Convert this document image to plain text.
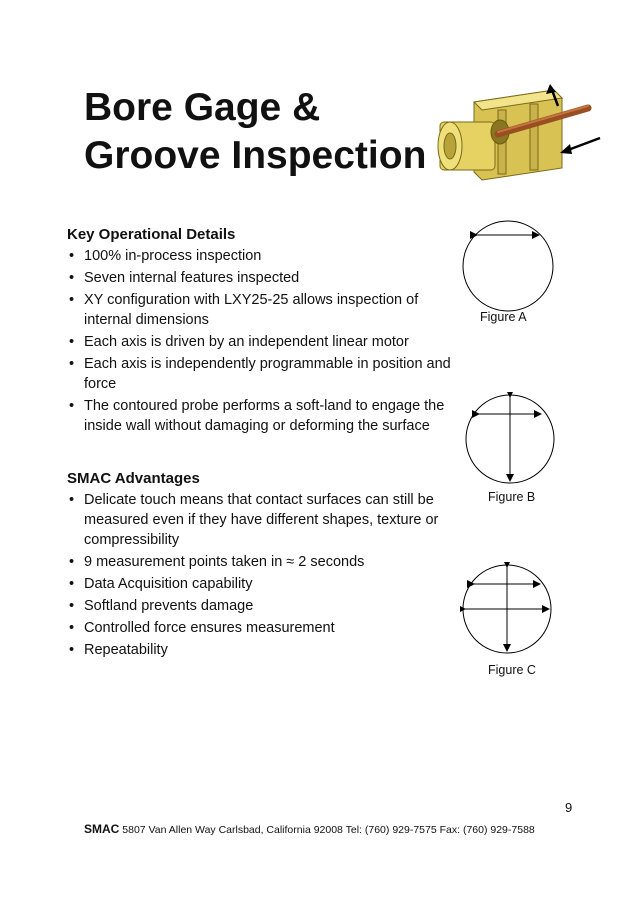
Bore Gage &
Groove Inspection
Key Operational Details
• 100% in-process inspection
• Seven internal features inspected
• XY configuration with LXY25-25 allows inspection of internal dimensions
• Each axis is driven by an independent linear motor
• Each axis is independently programmable in position and force
• The contoured probe performs a soft-land to engage the inside wall without damaging or deforming the surface
SMAC Advantages
• Delicate touch means that contact surfaces can still be measured even if they have different shapes, texture or compressibility
• 9 measurement points taken in ≈ 2 seconds
• Data Acquisition capability
• Softland prevents damage
• Controlled force ensures measurement
• Repeatability
Figure A
Figure B
Figure C
9
SMAC 5807 Van Allen Way Carlsbad, California 92008 Tel: (760) 929-7575 Fax: (760) 929-7588
